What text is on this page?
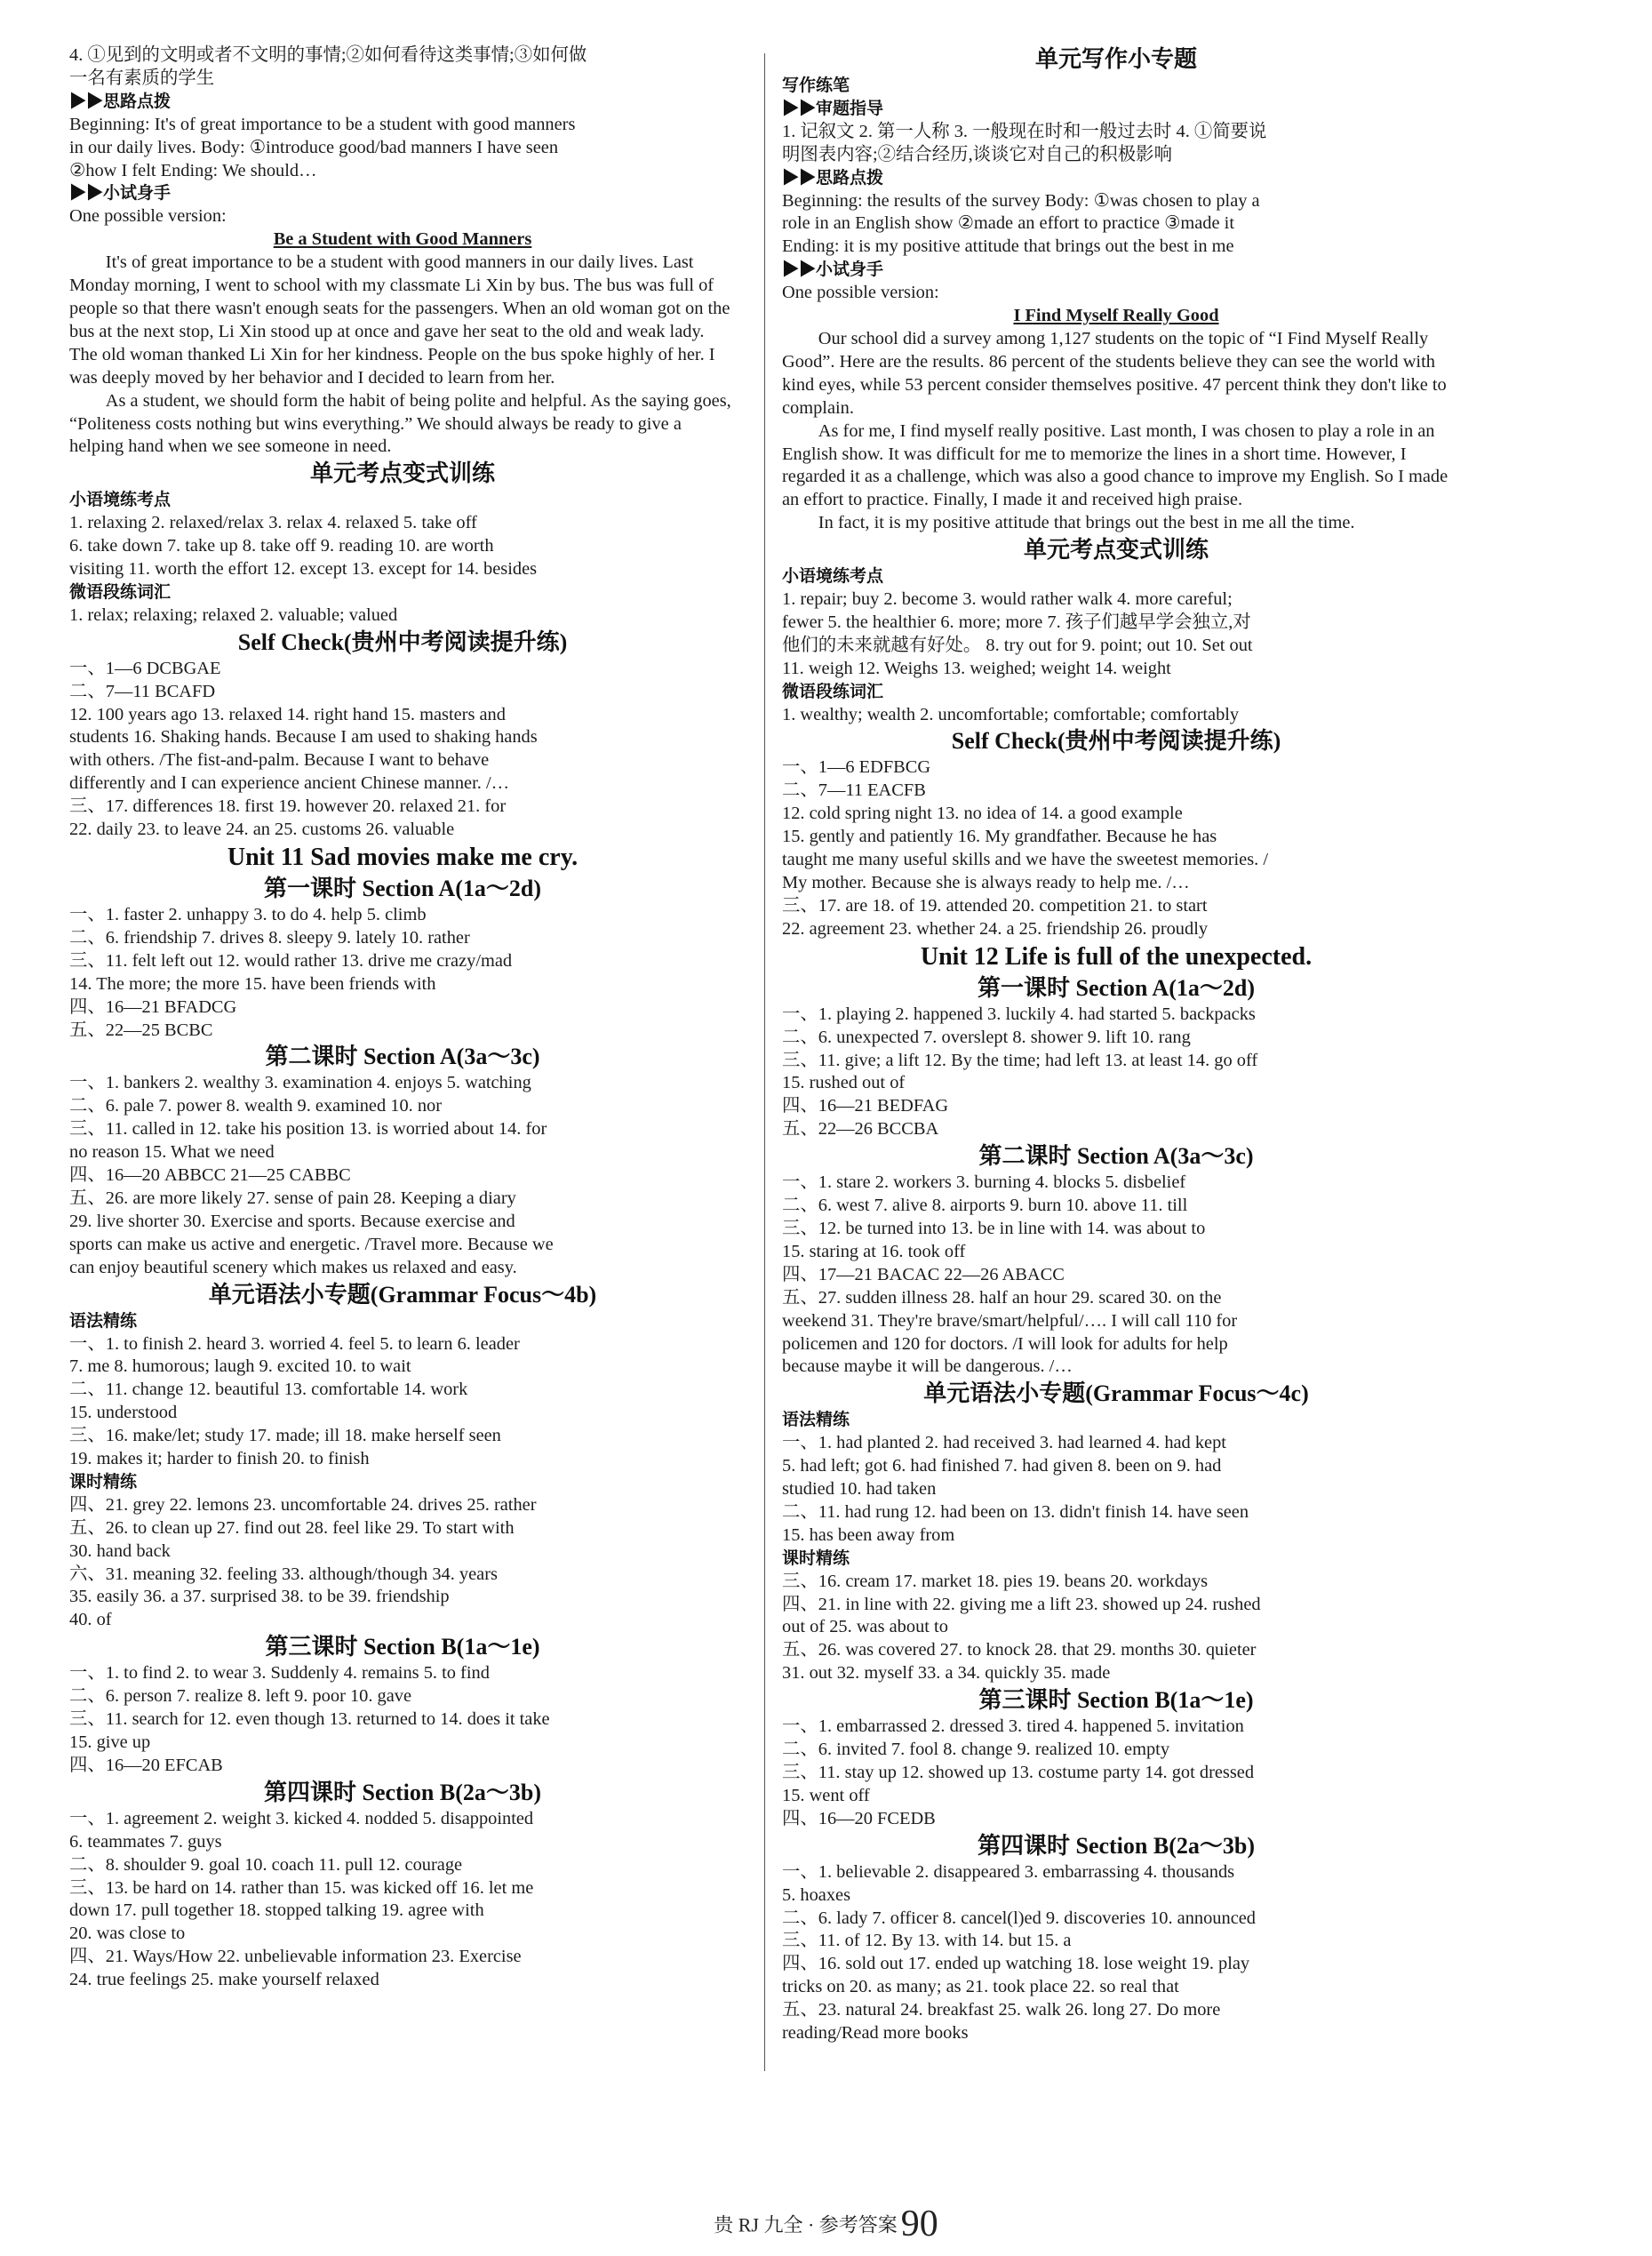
4. ①见到的文明或者不文明的事情;②如何看待这类事情;③如何做
一名有素质的学生
▶▶思路点拨
Beginning: It's of great importance to be a student with good manners
in our daily lives. Body: ①introduce good/bad manners I have seen
②how I felt Ending: We should…
▶▶小试身手
One possible version:
Be a Student with Good Manners
It's of great importance to be a student with good manners in our daily lives. Last Monday morning, I went to school with my classmate Li Xin by bus. The bus was full of people so that there wasn't enough seats for the passengers. When an old woman got on the bus at the next stop, Li Xin stood up at once and gave her seat to the old and weak lady. The old woman thanked Li Xin for her kindness. People on the bus spoke highly of her. I was deeply moved by her behavior and I decided to learn from her.
As a student, we should form the habit of being polite and helpful. As the saying goes, “Politeness costs nothing but wins everything.” We should always be ready to give a helping hand when we see someone in need.
单元考点变式训练
小语境练考点
1. relaxing 2. relaxed/relax 3. relax 4. relaxed 5. take off
6. take down 7. take up 8. take off 9. reading 10. are worth
visiting 11. worth the effort 12. except 13. except for 14. besides
微语段练词汇
1. relax; relaxing; relaxed 2. valuable; valued
Self Check(贵州中考阅读提升练)
一、1—6 DCBGAE
二、7—11 BCAFD
12. 100 years ago 13. relaxed 14. right hand 15. masters and
students 16. Shaking hands. Because I am used to shaking hands
with others. /The fist-and-palm. Because I want to behave
differently and I can experience ancient Chinese manner. /…
三、17. differences 18. first 19. however 20. relaxed 21. for
22. daily 23. to leave 24. an 25. customs 26. valuable
Unit 11 Sad movies make me cry.
第一课时 Section A(1a～2d)
一、1. faster 2. unhappy 3. to do 4. help 5. climb
二、6. friendship 7. drives 8. sleepy 9. lately 10. rather
三、11. felt left out 12. would rather 13. drive me crazy/mad
14. The more; the more 15. have been friends with
四、16—21 BFADCG
五、22—25 BCBC
第二课时 Section A(3a～3c)
一、1. bankers 2. wealthy 3. examination 4. enjoys 5. watching
二、6. pale 7. power 8. wealth 9. examined 10. nor
三、11. called in 12. take his position 13. is worried about 14. for
no reason 15. What we need
四、16—20 ABBCC 21—25 CABBC
五、26. are more likely 27. sense of pain 28. Keeping a diary
29. live shorter 30. Exercise and sports. Because exercise and
sports can make us active and energetic. /Travel more. Because we
can enjoy beautiful scenery which makes us relaxed and easy.
单元语法小专题(Grammar Focus～4b)
语法精练
一、1. to finish 2. heard 3. worried 4. feel 5. to learn 6. leader
7. me 8. humorous; laugh 9. excited 10. to wait
二、11. change 12. beautiful 13. comfortable 14. work
15. understood
三、16. make/let; study 17. made; ill 18. make herself seen
19. makes it; harder to finish 20. to finish
课时精练
四、21. grey 22. lemons 23. uncomfortable 24. drives 25. rather
五、26. to clean up 27. find out 28. feel like 29. To start with
30. hand back
六、31. meaning 32. feeling 33. although/though 34. years
35. easily 36. a 37. surprised 38. to be 39. friendship
40. of
第三课时 Section B(1a～1e)
一、1. to find 2. to wear 3. Suddenly 4. remains 5. to find
二、6. person 7. realize 8. left 9. poor 10. gave
三、11. search for 12. even though 13. returned to 14. does it take
15. give up
四、16—20 EFCAB
第四课时 Section B(2a～3b)
一、1. agreement 2. weight 3. kicked 4. nodded 5. disappointed
6. teammates 7. guys
二、8. shoulder 9. goal 10. coach 11. pull 12. courage
三、13. be hard on 14. rather than 15. was kicked off 16. let me
down 17. pull together 18. stopped talking 19. agree with
20. was close to
四、21. Ways/How 22. unbelievable information 23. Exercise
24. true feelings 25. make yourself relaxed
单元写作小专题
写作练笔
▶▶审题指导
1. 记叙文 2. 第一人称 3. 一般现在时和一般过去时 4. ①简要说
明图表内容;②结合经历,谈谈它对自己的积极影响
▶▶思路点拨
Beginning: the results of the survey Body: ①was chosen to play a
role in an English show ②made an effort to practice ③made it
Ending: it is my positive attitude that brings out the best in me
▶▶小试身手
One possible version:
I Find Myself Really Good
Our school did a survey among 1,127 students on the topic of “I Find Myself Really Good”. Here are the results. 86 percent of the students believe they can see the world with kind eyes, while 53 percent consider themselves positive. 47 percent think they don't like to complain.
As for me, I find myself really positive. Last month, I was chosen to play a role in an English show. It was difficult for me to memorize the lines in a short time. However, I regarded it as a challenge, which was also a good chance to improve my English. So I made an effort to practice. Finally, I made it and received high praise.
In fact, it is my positive attitude that brings out the best in me all the time.
单元考点变式训练
小语境练考点
1. repair; buy 2. become 3. would rather walk 4. more careful;
fewer 5. the healthier 6. more; more 7. 孩子们越早学会独立,对
他们的未来就越有好处。 8. try out for 9. point; out 10. Set out
11. weigh 12. Weighs 13. weighed; weight 14. weight
微语段练词汇
1. wealthy; wealth 2. uncomfortable; comfortable; comfortably
Self Check(贵州中考阅读提升练)
一、1—6 EDFBCG
二、7—11 EACFB
12. cold spring night 13. no idea of 14. a good example
15. gently and patiently 16. My grandfather. Because he has
taught me many useful skills and we have the sweetest memories. /
My mother. Because she is always ready to help me. /…
三、17. are 18. of 19. attended 20. competition 21. to start
22. agreement 23. whether 24. a 25. friendship 26. proudly
Unit 12 Life is full of the unexpected.
第一课时 Section A(1a～2d)
一、1. playing 2. happened 3. luckily 4. had started 5. backpacks
二、6. unexpected 7. overslept 8. shower 9. lift 10. rang
三、11. give; a lift 12. By the time; had left 13. at least 14. go off
15. rushed out of
四、16—21 BEDFAG
五、22—26 BCCBA
第二课时 Section A(3a～3c)
一、1. stare 2. workers 3. burning 4. blocks 5. disbelief
二、6. west 7. alive 8. airports 9. burn 10. above 11. till
三、12. be turned into 13. be in line with 14. was about to
15. staring at 16. took off
四、17—21 BACAC 22—26 ABACC
五、27. sudden illness 28. half an hour 29. scared 30. on the
weekend 31. They're brave/smart/helpful/…. I will call 110 for
policemen and 120 for doctors. /I will look for adults for help
because maybe it will be dangerous. /…
单元语法小专题(Grammar Focus～4c)
语法精练
一、1. had planted 2. had received 3. had learned 4. had kept
5. had left; got 6. had finished 7. had given 8. been on 9. had
studied 10. had taken
二、11. had rung 12. had been on 13. didn't finish 14. have seen
15. has been away from
课时精练
三、16. cream 17. market 18. pies 19. beans 20. workdays
四、21. in line with 22. giving me a lift 23. showed up 24. rushed
out of 25. was about to
五、26. was covered 27. to knock 28. that 29. months 30. quieter
31. out 32. myself 33. a 34. quickly 35. made
第三课时 Section B(1a～1e)
一、1. embarrassed 2. dressed 3. tired 4. happened 5. invitation
二、6. invited 7. fool 8. change 9. realized 10. empty
三、11. stay up 12. showed up 13. costume party 14. got dressed
15. went off
四、16—20 FCEDB
第四课时 Section B(2a～3b)
一、1. believable 2. disappeared 3. embarrassing 4. thousands
5. hoaxes
二、6. lady 7. officer 8. cancel(l)ed 9. discoveries 10. announced
三、11. of 12. By 13. with 14. but 15. a
四、16. sold out 17. ended up watching 18. lose weight 19. play
tricks on 20. as many; as 21. took place 22. so real that
五、23. natural 24. breakfast 25. walk 26. long 27. Do more
reading/Read more books
贵 RJ 九全 · 参考答案 90
